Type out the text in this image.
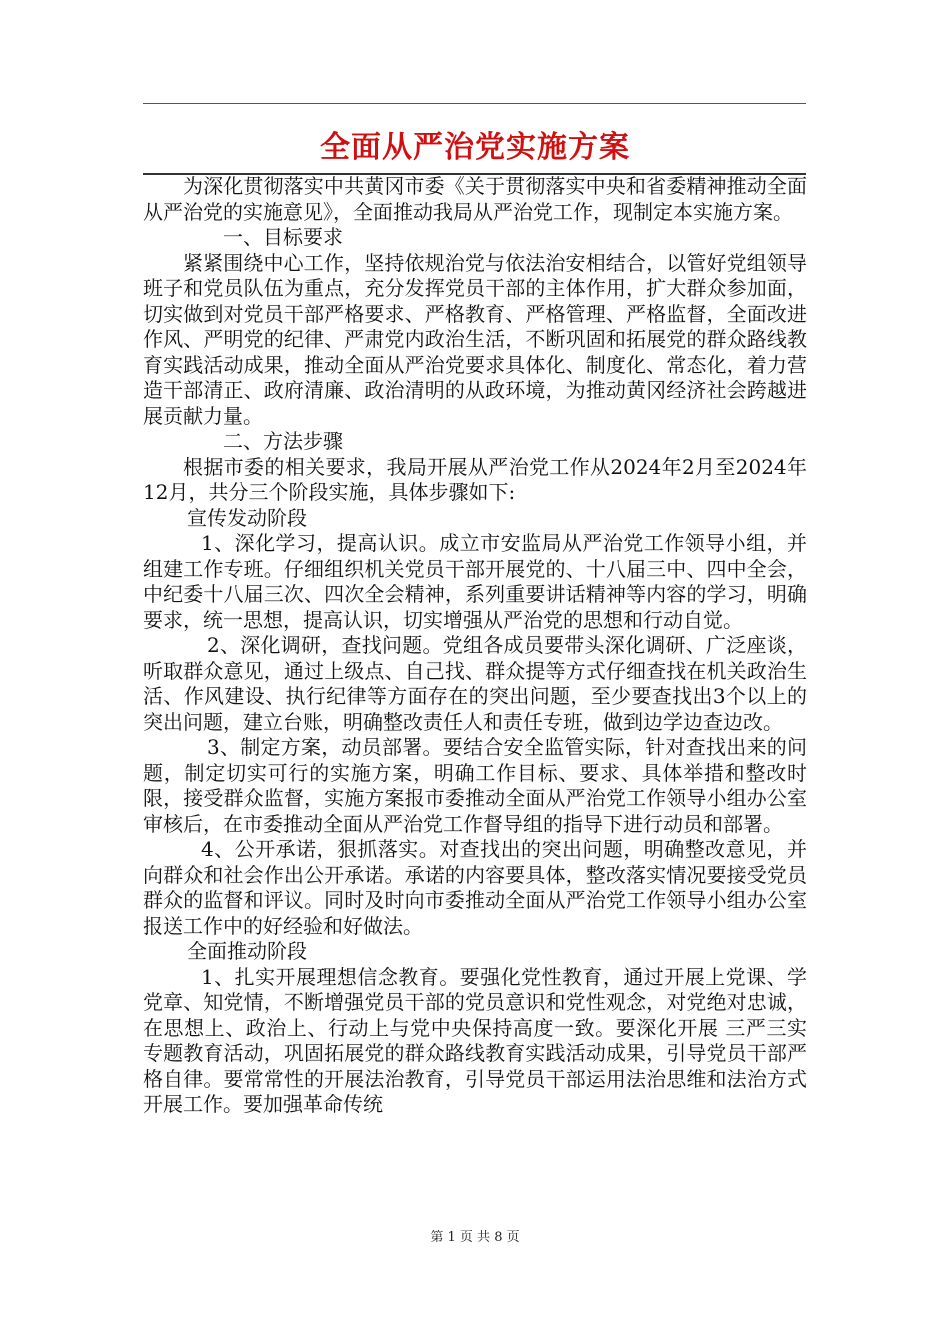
全面从严治党实施方案

为深化贯彻落实中共黄冈市委《关于贯彻落实中央和省委精神推动全面从严治党的实施意见》，全面推动我局从严治党工作，现制定本实施方案。

一、目标要求

紧紧围绕中心工作，坚持依规治党与依法治安相结合，以管好党组领导班子和党员队伍为重点，充分发挥党员干部的主体作用，扩大群众参加面，切实做到对党员干部严格要求、严格教育、严格管理、严格监督，全面改进作风、严明党的纪律、严肃党内政治生活，不断巩固和拓展党的群众路线教育实践活动成果，推动全面从严治党要求具体化、制度化、常态化，着力营造干部清正、政府清廉、政治清明的从政环境，为推动黄冈经济社会跨越进展贡献力量。

二、方法步骤

根据市委的相关要求，我局开展从严治党工作从2024年2月至2024年12月，共分三个阶段实施，具体步骤如下:

宣传发动阶段

1、深化学习，提高认识。成立市安监局从严治党工作领导小组，并组建工作专班。仔细组织机关党员干部开展党的、十八届三中、四中全会，中纪委十八届三次、四次全会精神，系列重要讲话精神等内容的学习，明确要求，统一思想，提高认识，切实增强从严治党的思想和行动自觉。

2、深化调研，查找问题。党组各成员要带头深化调研、广泛座谈，听取群众意见，通过上级点、自己找、群众提等方式仔细查找在机关政治生活、作风建设、执行纪律等方面存在的突出问题，至少要查找出3个以上的突出问题，建立台账，明确整改责任人和责任专班，做到边学边查边改。

3、制定方案，动员部署。要结合安全监管实际，针对查找出来的问题，制定切实可行的实施方案，明确工作目标、要求、具体举措和整改时限，接受群众监督，实施方案报市委推动全面从严治党工作领导小组办公室审核后，在市委推动全面从严治党工作督导组的指导下进行动员和部署。

4、公开承诺，狠抓落实。对查找出的突出问题，明确整改意见，并向群众和社会作出公开承诺。承诺的内容要具体，整改落实情况要接受党员群众的监督和评议。同时及时向市委推动全面从严治党工作领导小组办公室报送工作中的好经验和好做法。

全面推动阶段

1、扎实开展理想信念教育。要强化党性教育，通过开展上党课、学党章、知党情，不断增强党员干部的党员意识和党性观念，对党绝对忠诚，在思想上、政治上、行动上与党中央保持高度一致。要深化开展 三严三实 专题教育活动，巩固拓展党的群众路线教育实践活动成果，引导党员干部严格自律。要常常性的开展法治教育，引导党员干部运用法治思维和法治方式开展工作。要加强革命传统

第 1 页 共 8 页
